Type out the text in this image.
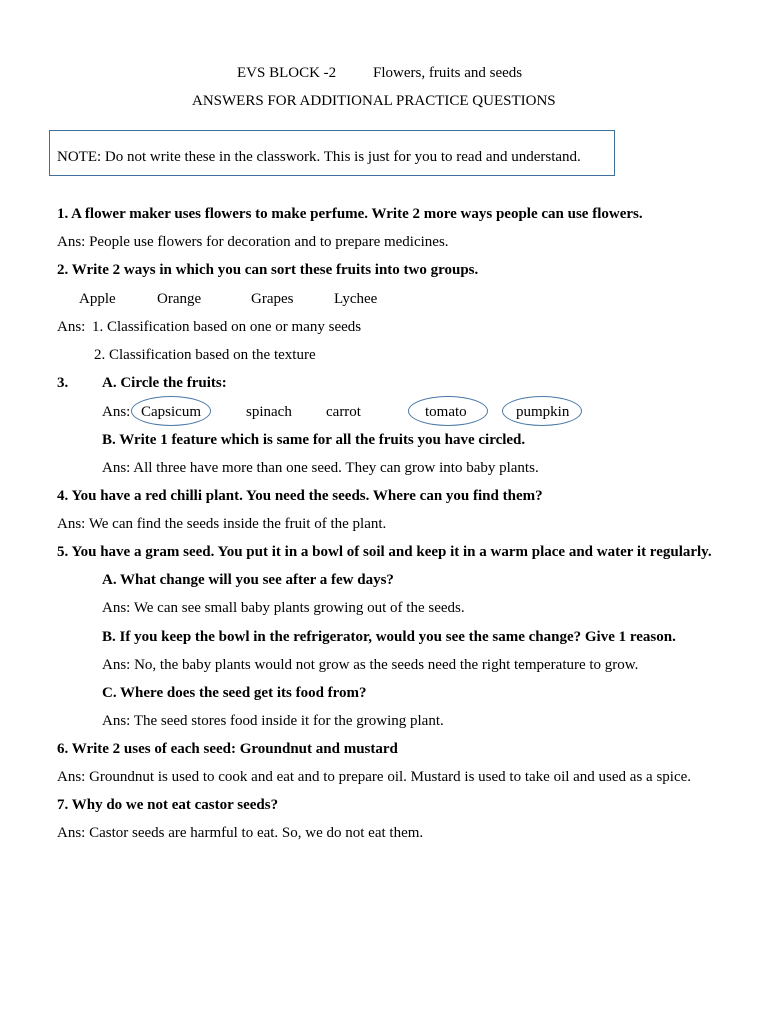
EVS BLOCK -2 Flowers, fruits and seeds
ANSWERS FOR ADDITIONAL PRACTICE QUESTIONS
NOTE: Do not write these in the classwork. This is just for you to read and understand.
1. A flower maker uses flowers to make perfume. Write 2 more ways people can use flowers.
Ans: People use flowers for decoration and to prepare medicines.
2. Write 2 ways in which you can sort these fruits into two groups.
Apple	Orange	Grapes	Lychee
Ans: 1. Classification based on one or many seeds
2. Classification based on the texture
3. A. Circle the fruits:
Ans: Capsicum	spinach carrot	tomato	pumpkin
B. Write 1 feature which is same for all the fruits you have circled.
Ans: All three have more than one seed. They can grow into baby plants.
4. You have a red chilli plant. You need the seeds. Where can you find them?
Ans: We can find the seeds inside the fruit of the plant.
5. You have a gram seed. You put it in a bowl of soil and keep it in a warm place and water it regularly.
A. What change will you see after a few days?
Ans: We can see small baby plants growing out of the seeds.
B. If you keep the bowl in the refrigerator, would you see the same change? Give 1 reason.
Ans: No, the baby plants would not grow as the seeds need the right temperature to grow.
C. Where does the seed get its food from?
Ans: The seed stores food inside it for the growing plant.
6. Write 2 uses of each seed: Groundnut and mustard
Ans: Groundnut is used to cook and eat and to prepare oil. Mustard is used to take oil and used as a spice.
7. Why do we not eat castor seeds?
Ans: Castor seeds are harmful to eat. So, we do not eat them.
